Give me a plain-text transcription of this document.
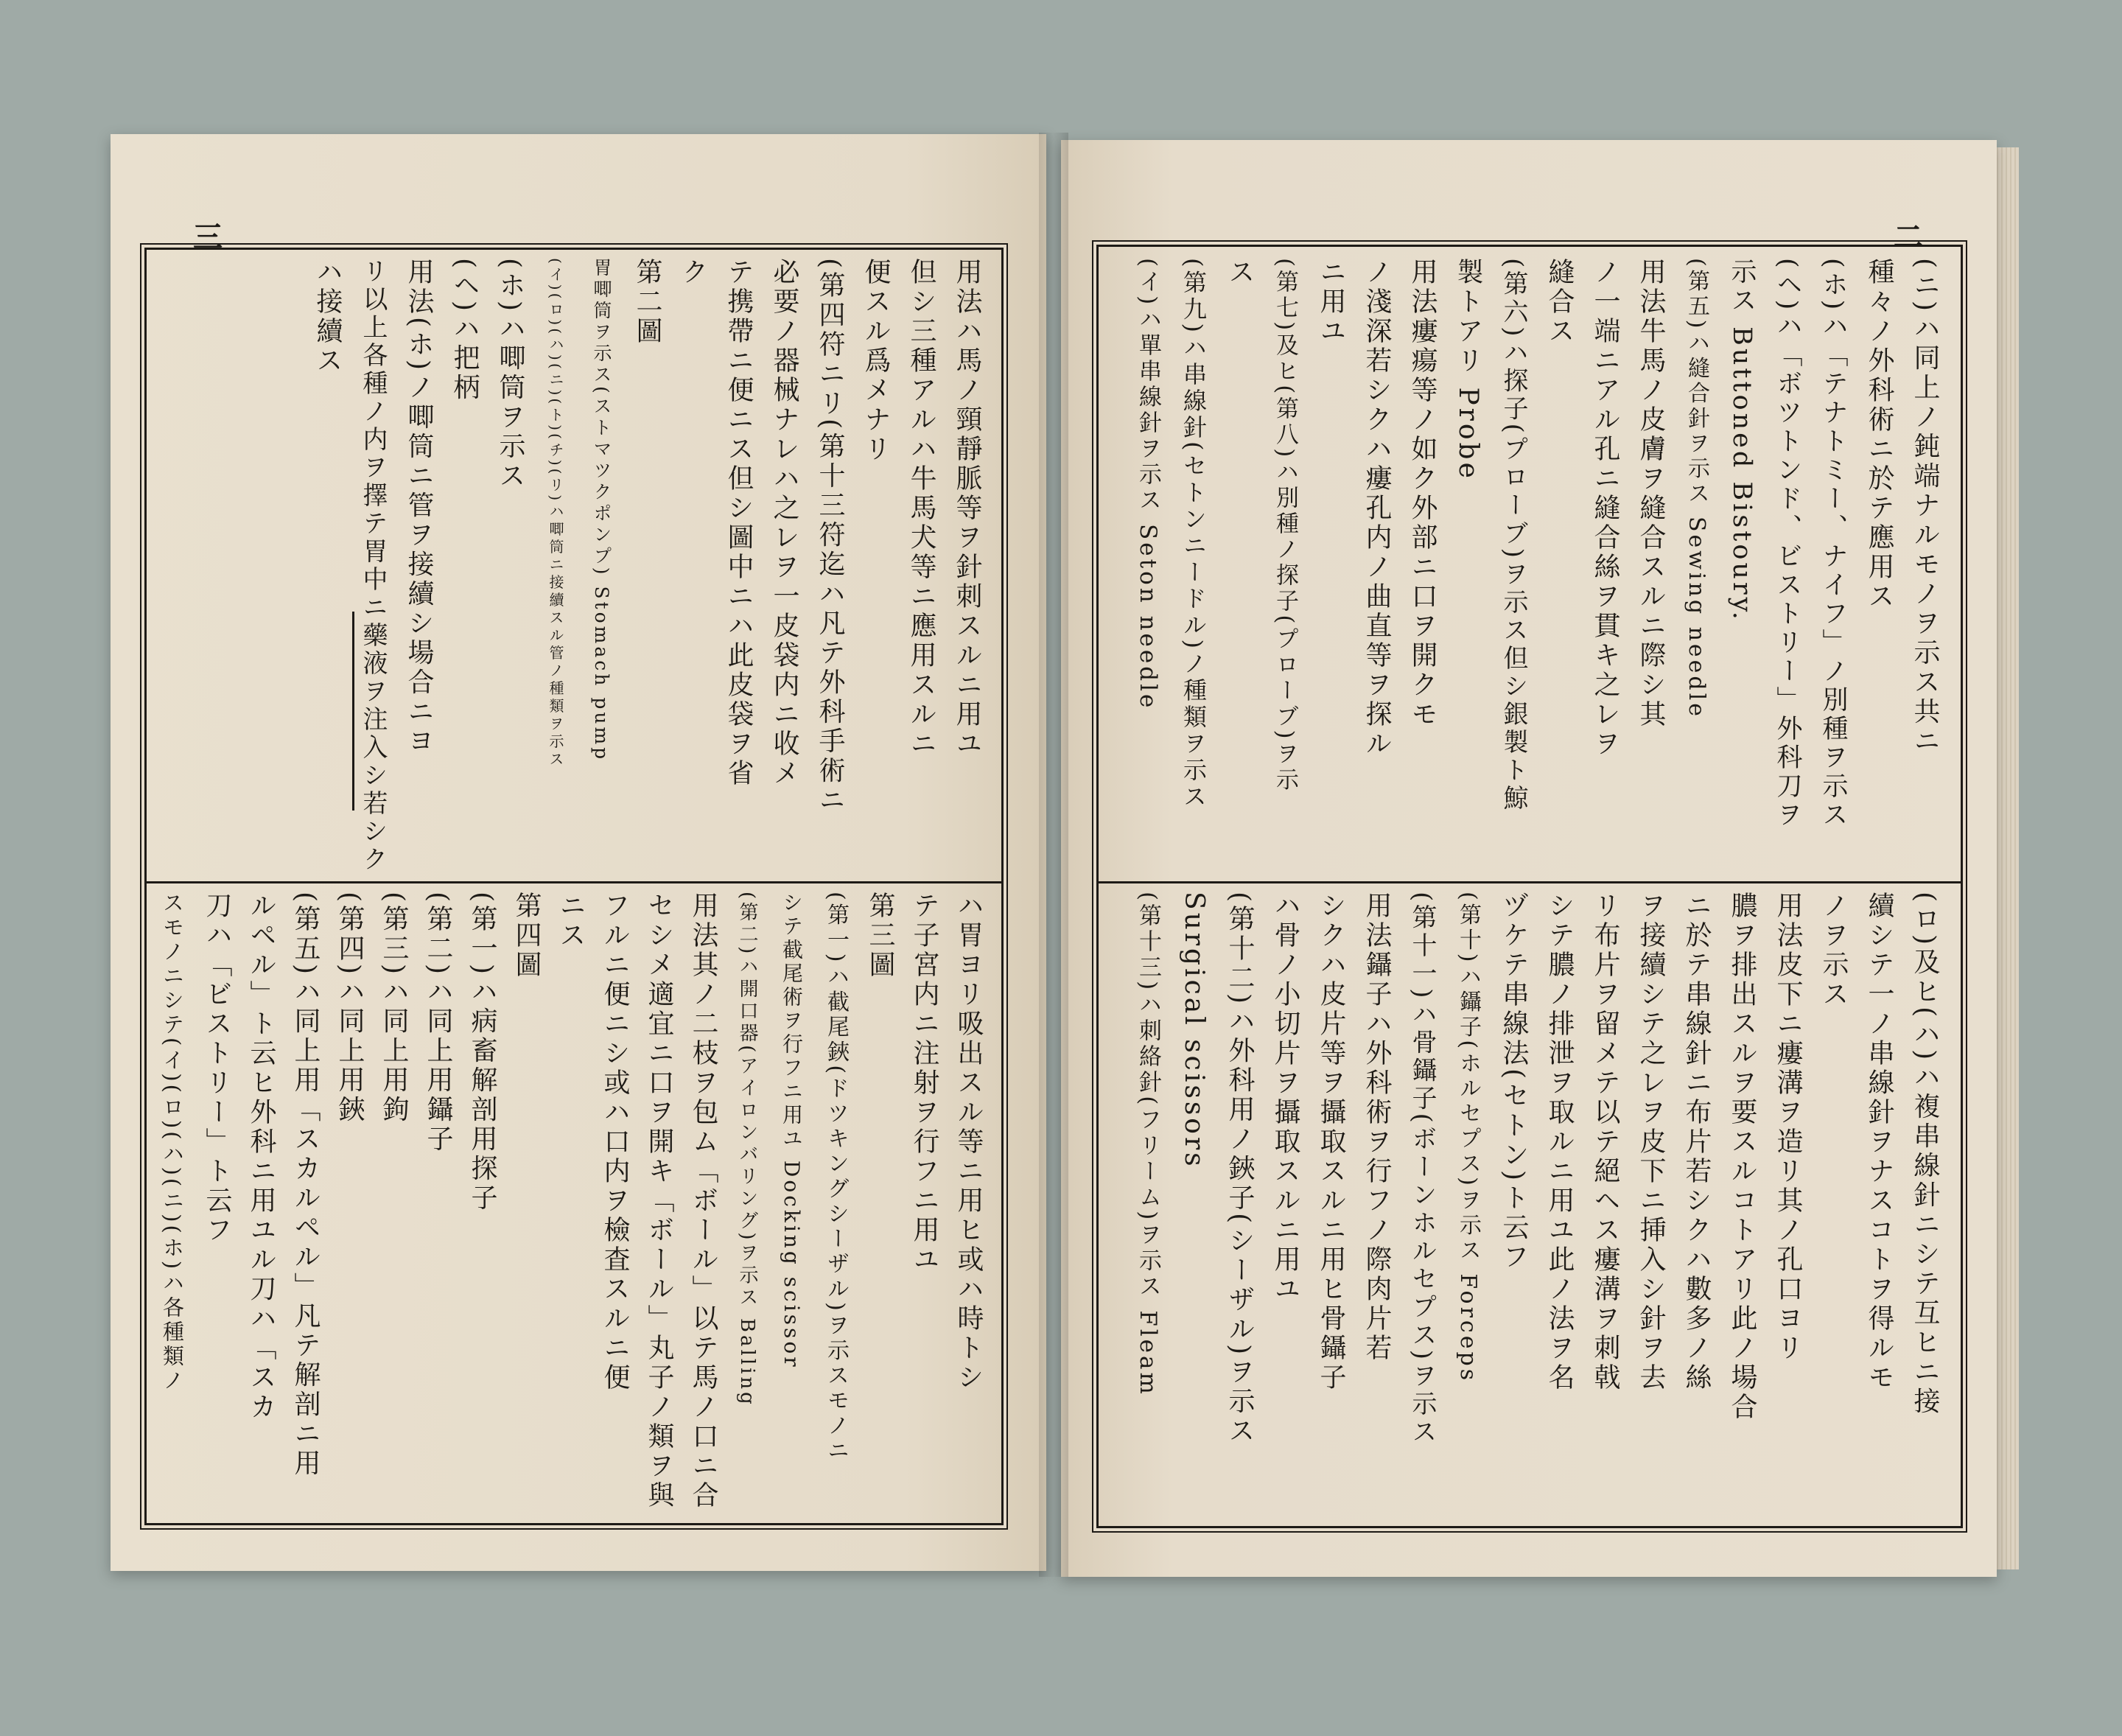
三	二
用法ハ馬ノ頸靜脈等ヲ針刺スルニ用ユ
但シ三種アルハ牛馬犬等ニ應用スルニ
便スル爲メナリ
(第四符ニリ(第十三符迄ハ凡テ外科手術ニ
必要ノ器械ナレハ之レヲ一皮袋内ニ收メ
テ携帶ニ便ニス但シ圖中ニハ此皮袋ヲ省
ク
第二圖
胃唧筒ヲ示ス(ストマツクポンプ) Stomach pump
(イ)(ロ)(ハ)(ニ)(ト)(チ)(リ)ハ唧筒ニ接續スル管ノ種類ヲ示ス
(ホ)ハ唧筒ヲ示ス
(ヘ)ハ把柄
用法(ホ)ノ唧筒ニ管ヲ接續シ場合ニヨ
リ以上各種ノ内ヲ擇テ胃中ニ藥液ヲ注入シ若シク
ハ接續ス
ハ胃ヨリ吸出スル等ニ用ヒ或ハ時トシ
テ子宮内ニ注射ヲ行フニ用ユ
第三圖
(第一)ハ截尾鋏(ドツキングシーザル)ヲ示スモノニ
シテ截尾術ヲ行フニ用ユ Docking scissor
(第二)ハ開口器(アイロンバリング)ヲ示ス Balling
用法其ノ二枝ヲ包ム「ボール」以テ馬ノ口ニ合
セシメ適宜ニ口ヲ開キ「ボール」丸子ノ類ヲ與
フルニ便ニシ或ハ口内ヲ檢査スルニ便
ニス
第四圖
(第一)ハ病畜解剖用探子
(第二)ハ同上用鑷子
(第三)ハ同上用鉤
(第四)ハ同上用鋏
(第五)ハ同上用「スカルペル」凡テ解剖ニ用
ルペル」ト云ヒ外科ニ用ユル刀ハ「スカ
刀ハ「ビストリー」ト云フ
スモノニシテ(イ)(ロ)(ハ)(ニ)(ホ)ハ各種類ノ
(ニ)ハ同上ノ鈍端ナルモノヲ示ス共ニ
種々ノ外科術ニ於テ應用ス
(ホ)ハ「テナトミー、ナイフ」ノ別種ヲ示ス
(ヘ)ハ「ボツトンド、ビストリー」外科刀ヲ
示ス Buttoned Bistoury.
(第五)ハ縫合針ヲ示ス Sewing needle
用法牛馬ノ皮膚ヲ縫合スルニ際シ其
ノ一端ニアル孔ニ縫合絲ヲ貫キ之レヲ
縫合ス
(第六)ハ探子(プローブ)ヲ示ス但シ銀製ト鯨
製トアリ Probe
用法瘻瘍等ノ如ク外部ニ口ヲ開クモ
ノ淺深若シクハ瘻孔内ノ曲直等ヲ探ル
ニ用ユ
(第七)及ヒ(第八)ハ別種ノ探子(プローブ)ヲ示
ス
(第九)ハ串線針(セトンニードル)ノ種類ヲ示ス
(イ)ハ單串線針ヲ示ス Seton needle
(ロ)及ヒ(ハ)ハ複串線針ニシテ互ヒニ接
續シテ一ノ串線針ヲナスコトヲ得ルモ
ノヲ示ス
用法皮下ニ瘻溝ヲ造リ其ノ孔口ヨリ
膿ヲ排出スルヲ要スルコトアリ此ノ場合
ニ於テ串線針ニ布片若シクハ數多ノ絲
ヲ接續シテ之レヲ皮下ニ挿入シ針ヲ去
リ布片ヲ留メテ以テ絕ヘス瘻溝ヲ刺戟
シテ膿ノ排泄ヲ取ルニ用ユ此ノ法ヲ名
ヅケテ串線法(セトン)ト云フ
(第十)ハ鑷子(ホルセプス)ヲ示ス Forceps
(第十一)ハ骨鑷子(ボーンホルセプス)ヲ示ス
用法鑷子ハ外科術ヲ行フノ際肉片若
シクハ皮片等ヲ攝取スルニ用ヒ骨鑷子
ハ骨ノ小切片ヲ攝取スルニ用ユ
(第十二)ハ外科用ノ鋏子(シーザル)ヲ示ス
Surgical scissors
(第十三)ハ刺絡針(フリーム)ヲ示ス Fleam
